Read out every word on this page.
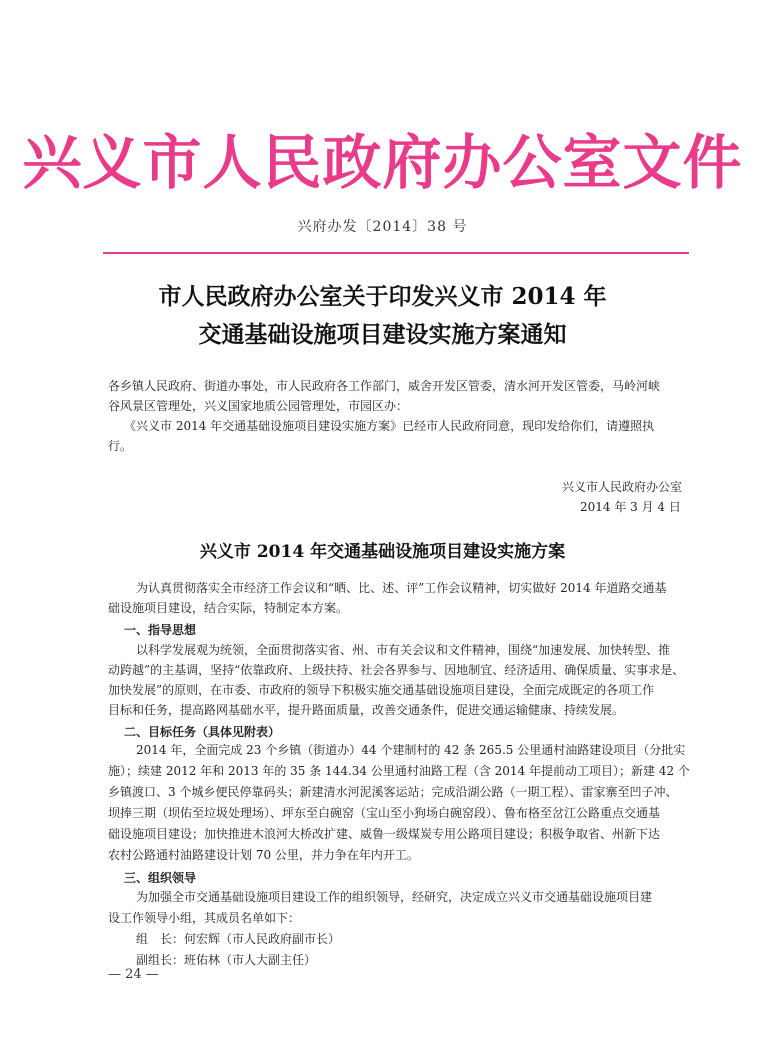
兴义市人民政府办公室文件
兴府办发〔2014〕38 号
市人民政府办公室关于印发兴义市 2014 年
交通基础设施项目建设实施方案通知
各乡镇人民政府、街道办事处，市人民政府各工作部门，威舍开发区管委，清水河开发区管委，马岭河峡
谷风景区管理处，兴义国家地质公园管理处，市园区办：
《兴义市 2014 年交通基础设施项目建设实施方案》已经市人民政府同意，现印发给你们，请遵照执
行。
兴义市人民政府办公室
2014 年 3 月 4 日
兴义市 2014 年交通基础设施项目建设实施方案
为认真贯彻落实全市经济工作会议和“晒、比、述、评”工作会议精神，切实做好 2014 年道路交通基
础设施项目建设，结合实际，特制定本方案。
一、指导思想
以科学发展观为统领，全面贯彻落实省、州、市有关会议和文件精神，围绕“加速发展、加快转型、推
动跨越”的主基调，坚持“依靠政府、上级扶持、社会各界参与、因地制宜、经济适用、确保质量、实事求是、
加快发展”的原则，在市委、市政府的领导下积极实施交通基础设施项目建设，全面完成既定的各项工作
目标和任务，提高路网基础水平，提升路面质量，改善交通条件，促进交通运输健康、持续发展。
二、目标任务（具体见附表）
2014 年，全面完成 23 个乡镇（街道办）44 个建制村的 42 条 265.5 公里通村油路建设项目（分批实
施）；续建 2012 年和 2013 年的 35 条 144.34 公里通村油路工程（含 2014 年提前动工项目）；新建 42 个
乡镇渡口、3 个城乡便民停靠码头；新建清水河泥溪客运站；完成沿湖公路（一期工程）、雷家寨至凹子冲、
坝捧三期（坝佑至垃圾处理场）、坪东至白碗窑（宝山至小狗场白碗窑段）、鲁布格至岔江公路重点交通基
础设施项目建设；加快推进木浪河大桥改扩建、威鲁一级煤炭专用公路项目建设；积极争取省、州新下达
农村公路通村油路建设计划 70 公里，并力争在年内开工。
三、组织领导
为加强全市交通基础设施项目建设工作的组织领导，经研究，决定成立兴义市交通基础设施项目建
设工作领导小组，其成员名单如下：
组　长：何宏辉（市人民政府副市长）
副组长：班佑林（市人大副主任）
— 24 —
